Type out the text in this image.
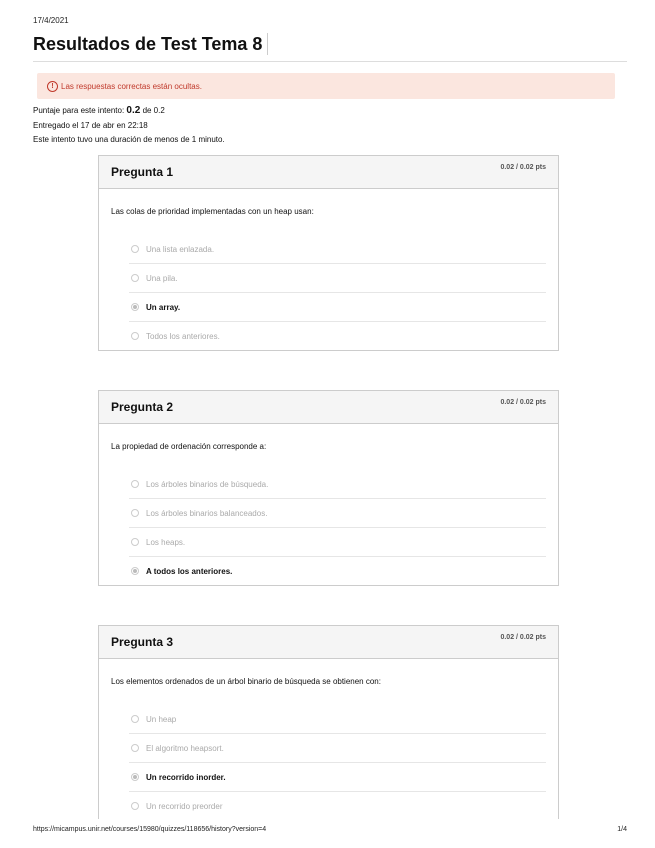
17/4/2021
Resultados de Test Tema 8
! Las respuestas correctas están ocultas.
Puntaje para este intento: 0.2 de 0.2
Entregado el 17 de abr en 22:18
Este intento tuvo una duración de menos de 1 minuto.
Pregunta 1	0.02 / 0.02 pts
Las colas de prioridad implementadas con un heap usan:
Una lista enlazada.
Una pila.
Un array.
Todos los anteriores.
Pregunta 2	0.02 / 0.02 pts
La propiedad de ordenación corresponde a:
Los árboles binarios de búsqueda.
Los árboles binarios balanceados.
Los heaps.
A todos los anteriores.
Pregunta 3	0.02 / 0.02 pts
Los elementos ordenados de un árbol binario de búsqueda se obtienen con:
Un heap
El algoritmo heapsort.
Un recorrido inorder.
Un recorrido preorder
https://micampus.unir.net/courses/15980/quizzes/118656/history?version=4	1/4
